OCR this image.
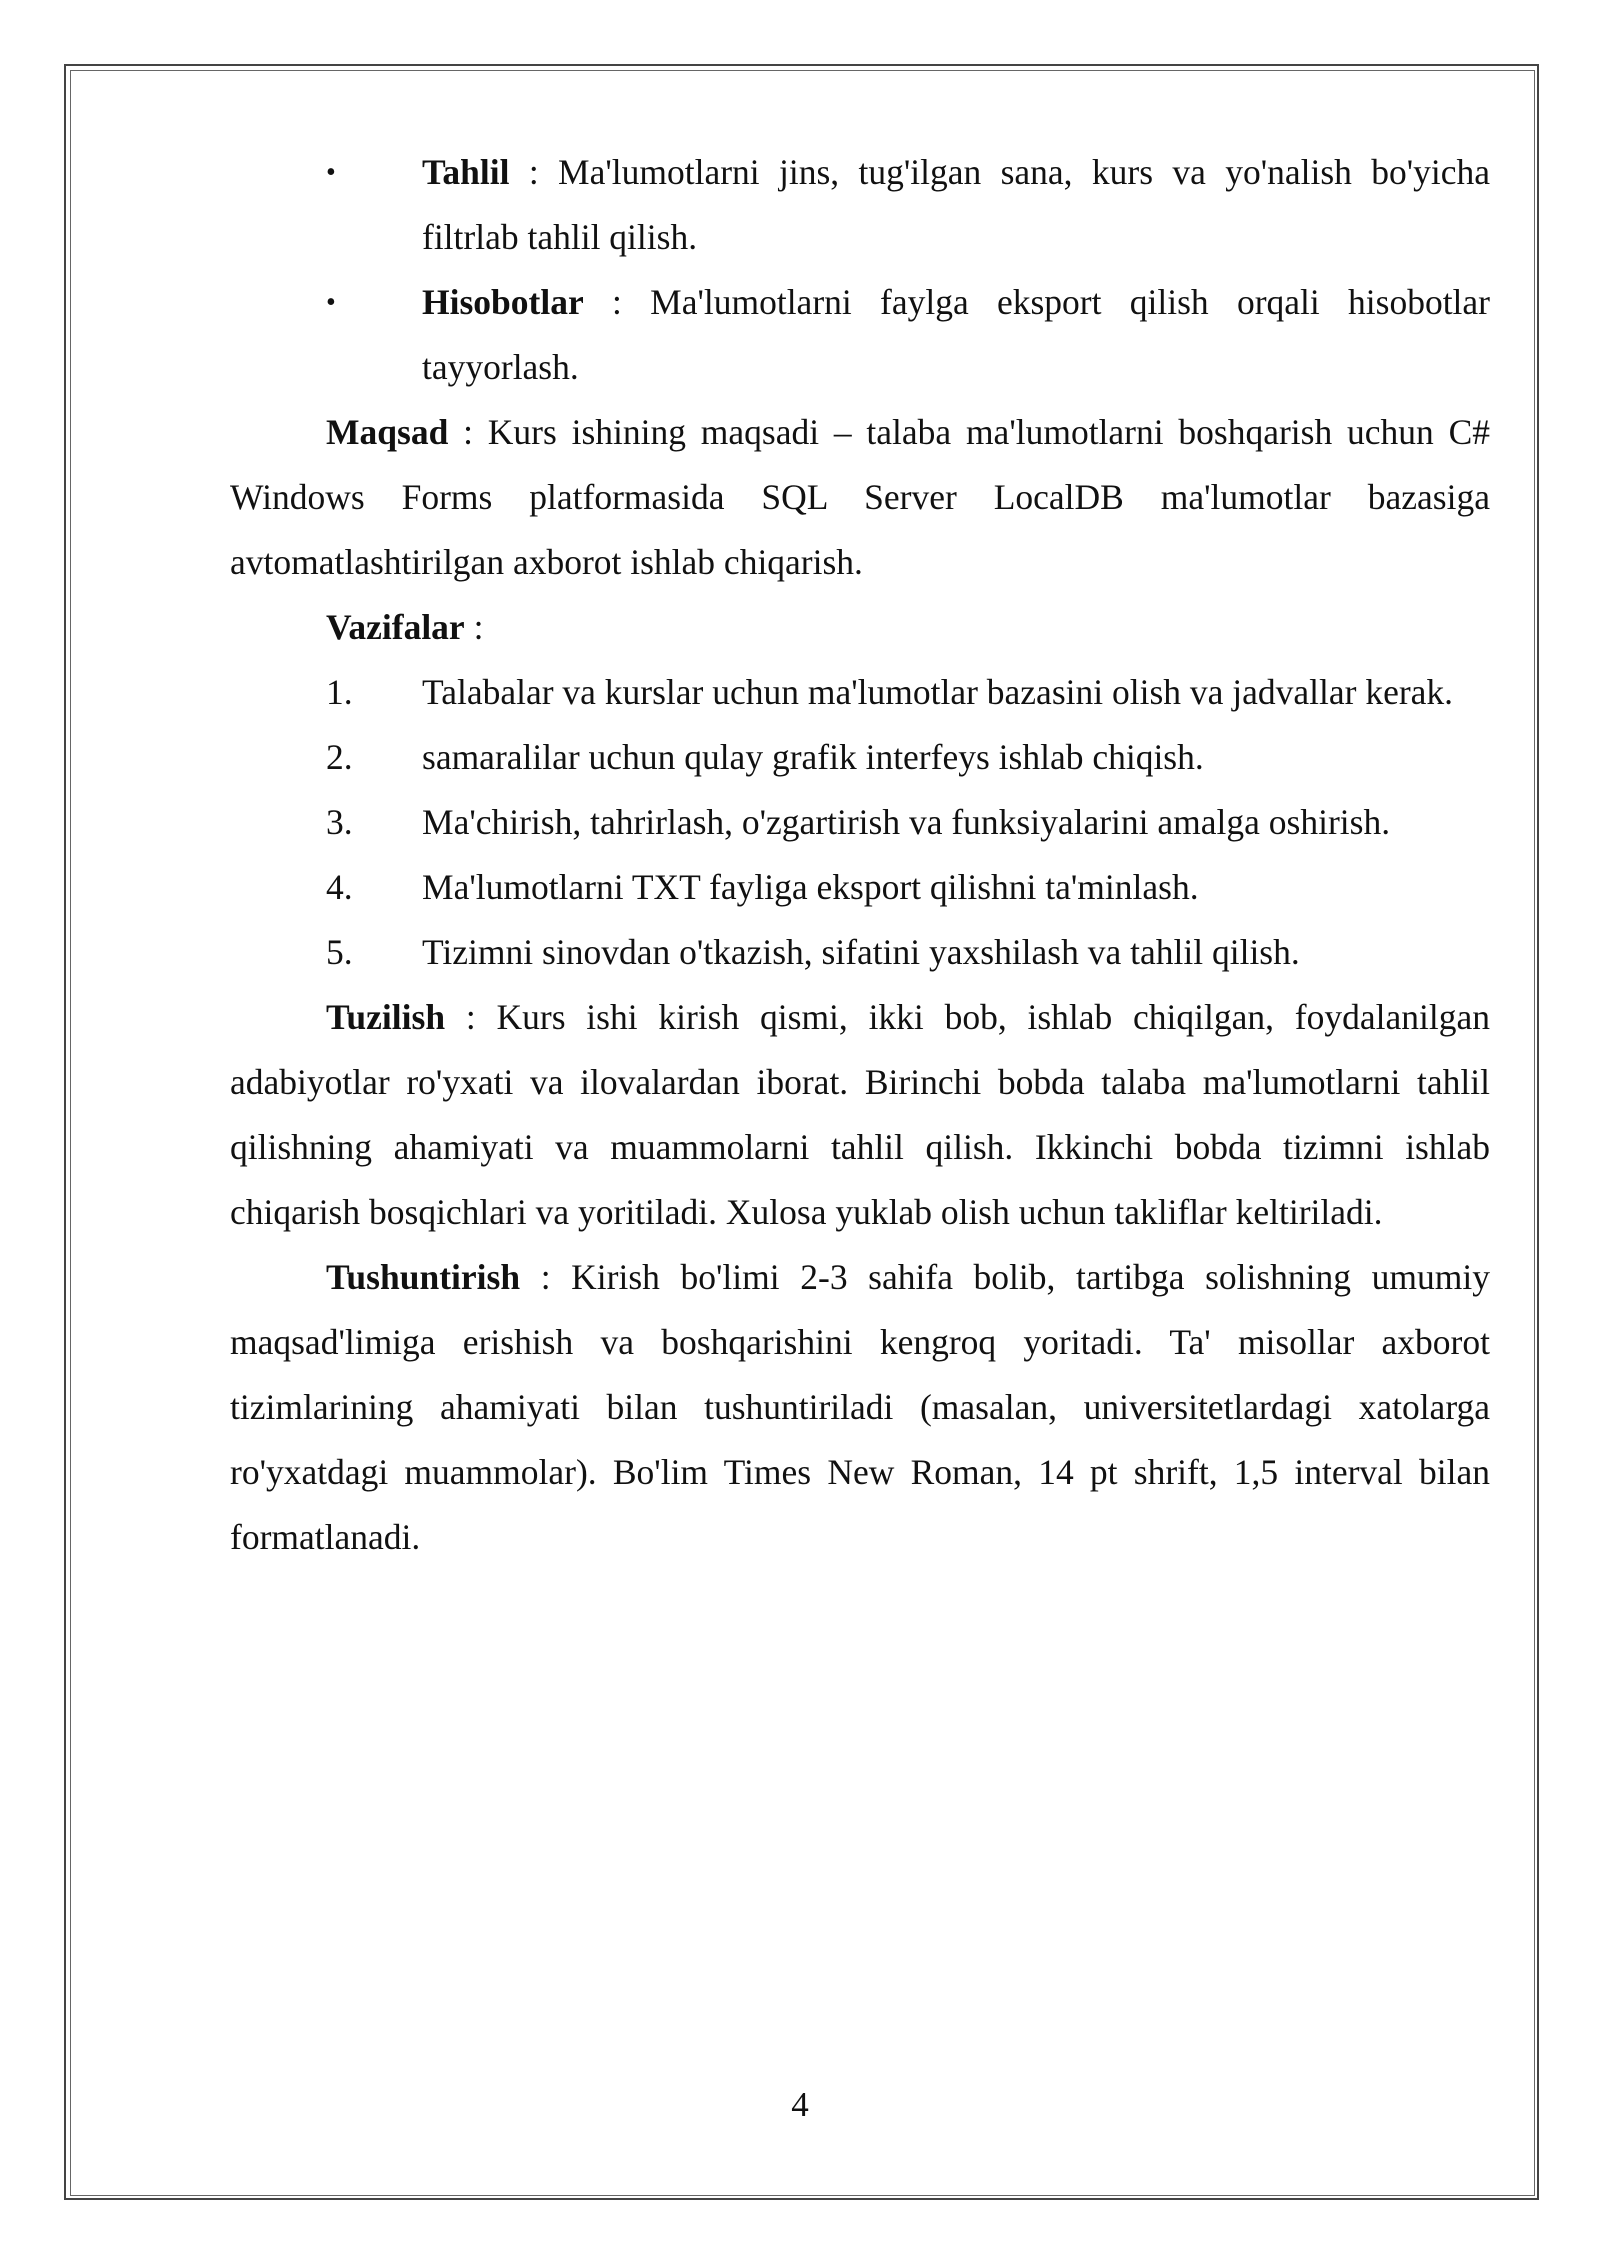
• Tahlil : Ma'lumotlarni jins, tug'ilgan sana, kurs va yo'nalish bo'yicha filtrlab tahlil qilish.
• Hisobotlar : Ma'lumotlarni faylga eksport qilish orqali hisobotlar tayyorlash.

Maqsad : Kurs ishining maqsadi – talaba ma'lumotlarni boshqarish uchun C# Windows Forms platformasida SQL Server LocalDB ma'lumotlar bazasiga avtomatlashtirilgan axborot ishlab chiqarish.

Vazifalar :

1. Talabalar va kurslar uchun ma'lumotlar bazasini olish va jadvallar kerak.
2. samaralilar uchun qulay grafik interfeys ishlab chiqish.
3. Ma'chirish, tahrirlash, o'zgartirish va funksiyalarini amalga oshirish.
4. Ma'lumotlarni TXT fayliga eksport qilishni ta'minlash.
5. Tizimni sinovdan o'tkazish, sifatini yaxshilash va tahlil qilish.

Tuzilish : Kurs ishi kirish qismi, ikki bob, ishlab chiqilgan, foydalanilgan adabiyotlar ro'yxati va ilovalardan iborat. Birinchi bobda talaba ma'lumotlarni tahlil qilishning ahamiyati va muammolarni tahlil qilish. Ikkinchi bobda tizimni ishlab chiqarish bosqichlari va yoritiladi. Xulosa yuklab olish uchun takliflar keltiriladi.

Tushuntirish : Kirish bo'limi 2-3 sahifa bolib, tartibga solishning umumiy maqsad'limiga erishish va boshqarishini kengroq yoritadi. Ta' misollar axborot tizimlarining ahamiyati bilan tushuntiriladi (masalan, universitetlardagi xatolarga ro'yxatdagi muammolar). Bo'lim Times New Roman, 14 pt shrift, 1,5 interval bilan formatlanadi.

4
